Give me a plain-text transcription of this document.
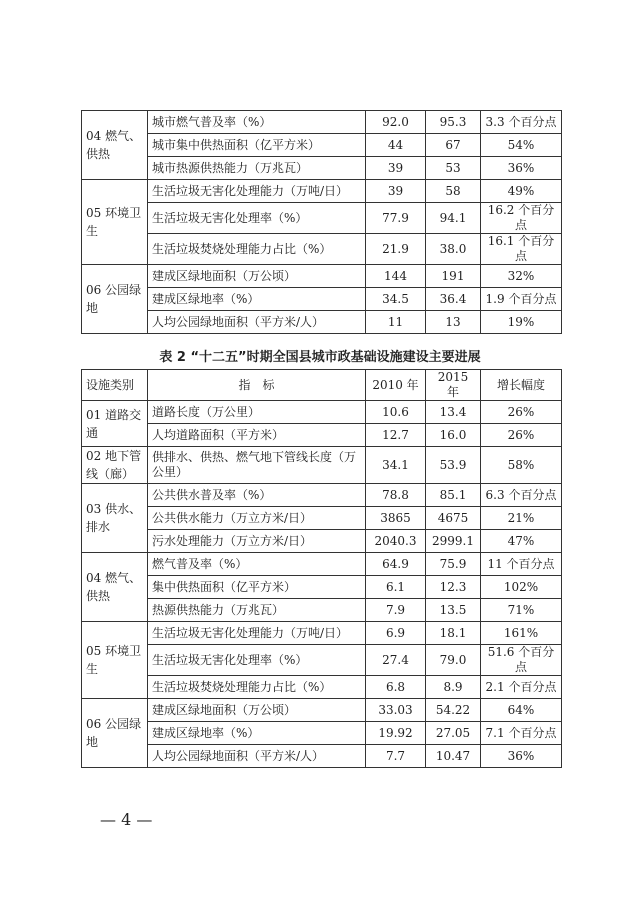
04 燃气、供热	城市燃气普及率（%）	92.0	95.3	3.3 个百分点
	城市集中供热面积（亿平方米）	44	67	54%
	城市热源供热能力（万兆瓦）	39	53	36%
05 环境卫生	生活垃圾无害化处理能力（万吨/日）	39	58	49%
	生活垃圾无害化处理率（%）	77.9	94.1	16.2 个百分点
	生活垃圾焚烧处理能力占比（%）	21.9	38.0	16.1 个百分点
06 公园绿地	建成区绿地面积（万公顷）	144	191	32%
	建成区绿地率（%）	34.5	36.4	1.9 个百分点
	人均公园绿地面积（平方米/人）	11	13	19%
表 2 “十二五”时期全国县城市政基础设施建设主要进展
设施类别	指　标	2010 年	2015 年	增长幅度
01 道路交通	道路长度（万公里）	10.6	13.4	26%
	人均道路面积（平方米）	12.7	16.0	26%
02 地下管线（廊）	供排水、供热、燃气地下管线长度（万公里）	34.1	53.9	58%
03 供水、排水	公共供水普及率（%）	78.8	85.1	6.3 个百分点
	公共供水能力（万立方米/日）	3865	4675	21%
	污水处理能力（万立方米/日）	2040.3	2999.1	47%
04 燃气、供热	燃气普及率（%）	64.9	75.9	11 个百分点
	集中供热面积（亿平方米）	6.1	12.3	102%
	热源供热能力（万兆瓦）	7.9	13.5	71%
05 环境卫生	生活垃圾无害化处理能力（万吨/日）	6.9	18.1	161%
	生活垃圾无害化处理率（%）	27.4	79.0	51.6 个百分点
	生活垃圾焚烧处理能力占比（%）	6.8	8.9	2.1 个百分点
06 公园绿地	建成区绿地面积（万公顷）	33.03	54.22	64%
	建成区绿地率（%）	19.92	27.05	7.1 个百分点
	人均公园绿地面积（平方米/人）	7.7	10.47	36%
— 4 —
